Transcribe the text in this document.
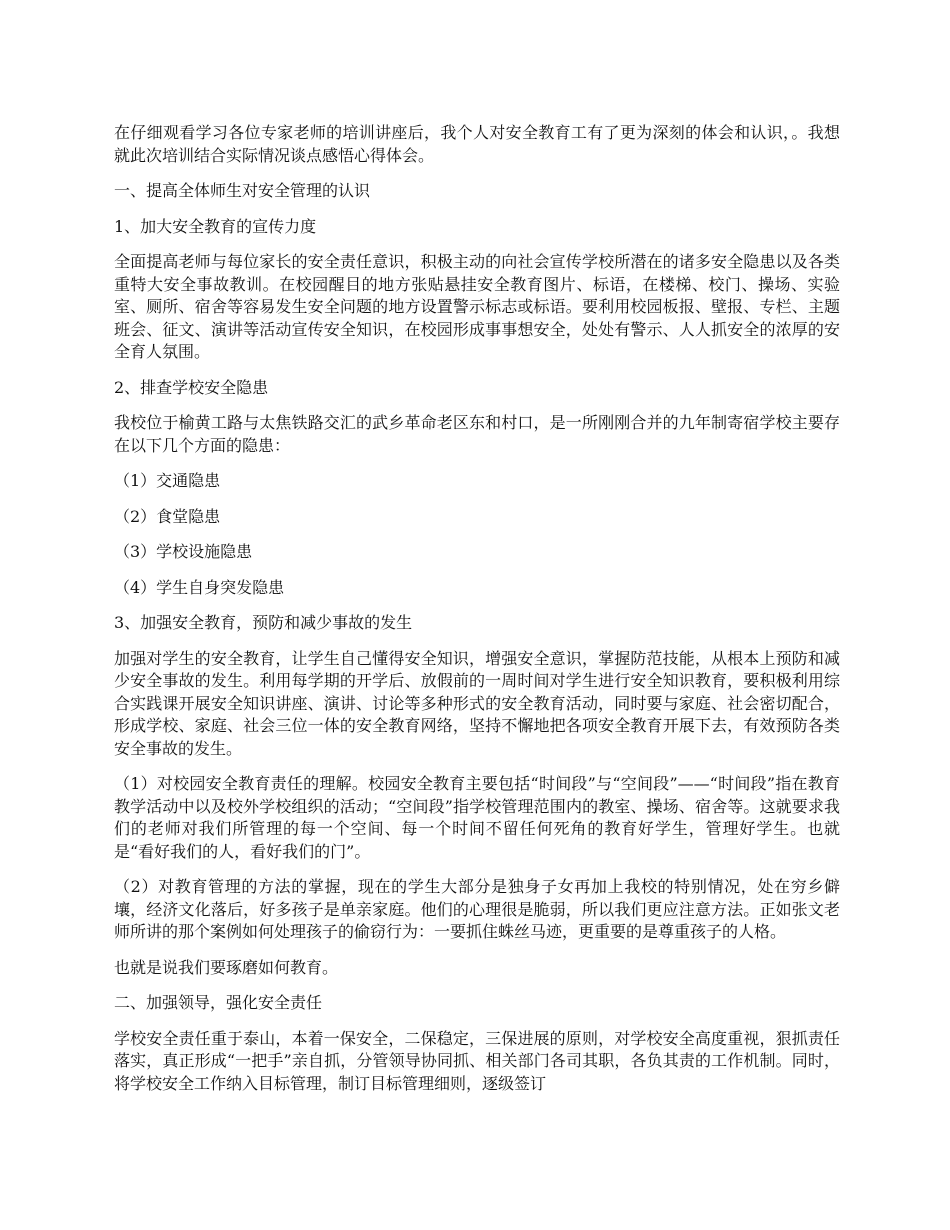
在仔细观看学习各位专家老师的培训讲座后，我个人对安全教育工有了更为深刻的体会和认识，。我想就此次培训结合实际情况谈点感悟心得体会。

一、提高全体师生对安全管理的认识

1、加大安全教育的宣传力度

全面提高老师与每位家长的安全责任意识，积极主动的向社会宣传学校所潜在的诸多安全隐患以及各类重特大安全事故教训。在校园醒目的地方张贴悬挂安全教育图片、标语，在楼梯、校门、操场、实验室、厕所、宿舍等容易发生安全问题的地方设置警示标志或标语。要利用校园板报、壁报、专栏、主题班会、征文、演讲等活动宣传安全知识，在校园形成事事想安全，处处有警示、人人抓安全的浓厚的安全育人氛围。

2、排查学校安全隐患

我校位于榆黄工路与太焦铁路交汇的武乡革命老区东和村口，是一所刚刚合并的九年制寄宿学校主要存在以下几个方面的隐患：

（1）交通隐患

（2）食堂隐患

（3）学校设施隐患

（4）学生自身突发隐患

3、加强安全教育，预防和减少事故的发生

加强对学生的安全教育，让学生自己懂得安全知识，增强安全意识，掌握防范技能，从根本上预防和减少安全事故的发生。利用每学期的开学后、放假前的一周时间对学生进行安全知识教育，要积极利用综合实践课开展安全知识讲座、演讲、讨论等多种形式的安全教育活动，同时要与家庭、社会密切配合，形成学校、家庭、社会三位一体的安全教育网络，坚持不懈地把各项安全教育开展下去，有效预防各类安全事故的发生。

（1）对校园安全教育责任的理解。校园安全教育主要包括“时间段”与“空间段”——“时间段”指在教育教学活动中以及校外学校组织的活动；“空间段”指学校管理范围内的教室、操场、宿舍等。这就要求我们的老师对我们所管理的每一个空间、每一个时间不留任何死角的教育好学生，管理好学生。也就是“看好我们的人，看好我们的门”。

（2）对教育管理的方法的掌握，现在的学生大部分是独身子女再加上我校的特别情况，处在穷乡僻壤，经济文化落后，好多孩子是单亲家庭。他们的心理很是脆弱，所以我们更应注意方法。正如张文老师所讲的那个案例如何处理孩子的偷窃行为：一要抓住蛛丝马迹，更重要的是尊重孩子的人格。

也就是说我们要琢磨如何教育。

二、加强领导，强化安全责任

学校安全责任重于泰山，本着一保安全，二保稳定，三保进展的原则，对学校安全高度重视，狠抓责任落实，真正形成“一把手”亲自抓，分管领导协同抓、相关部门各司其职，各负其责的工作机制。同时，将学校安全工作纳入目标管理，制订目标管理细则，逐级签订
